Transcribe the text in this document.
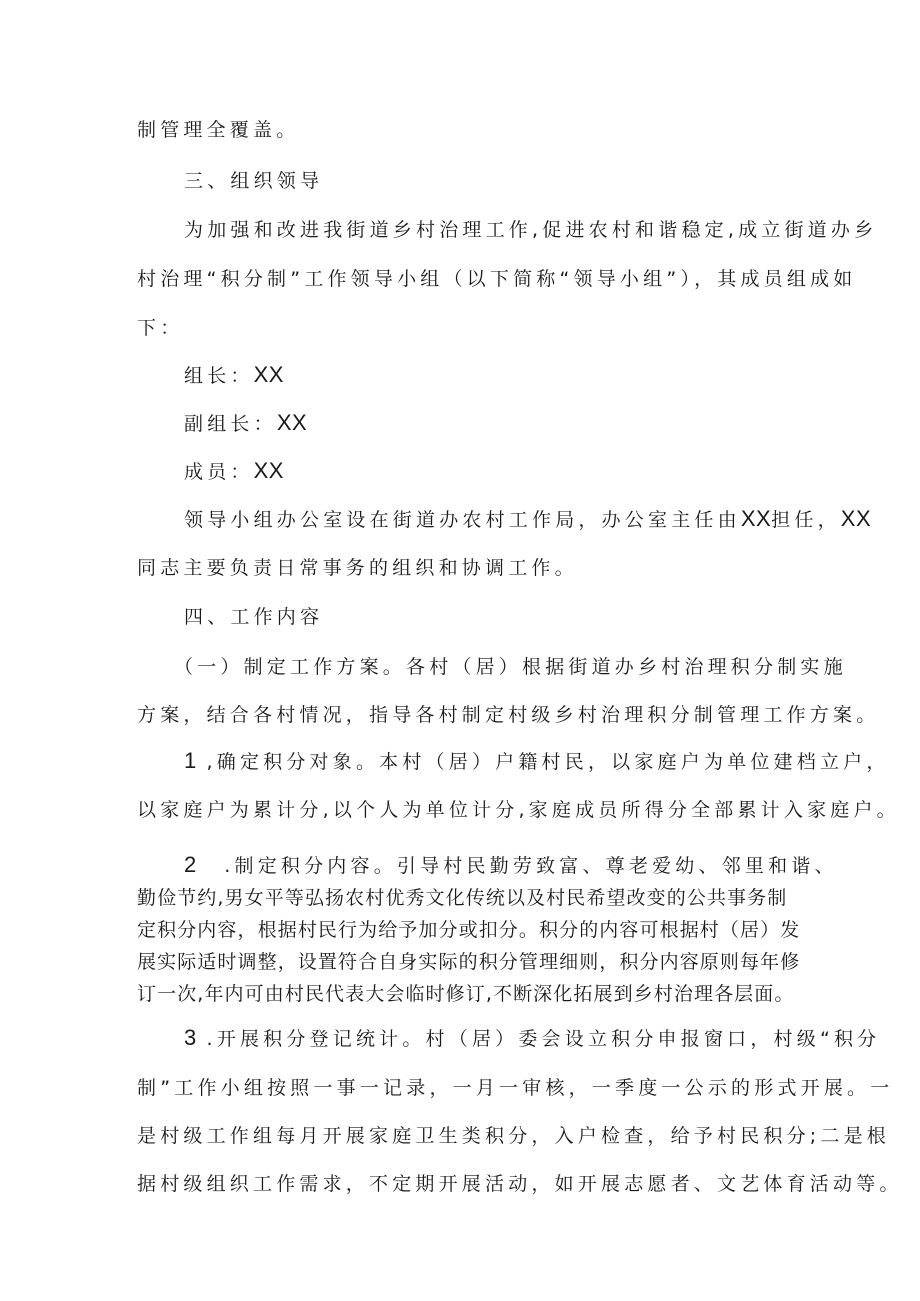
制管理全覆盖。
三、组织领导
为加强和改进我街道乡村治理工作,促进农村和谐稳定,成立街道办乡
村治理“积分制”工作领导小组（以下简称“领导小组”），其成员组成如
下：
组长：XX
副组长：XX
成员：XX
领导小组办公室设在街道办农村工作局，办公室主任由XX担任，XX
同志主要负责日常事务的组织和协调工作。
四、工作内容
（一）制定工作方案。各村（居）根据街道办乡村治理积分制实施
方案，结合各村情况，指导各村制定村级乡村治理积分制管理工作方案。
1 ,确定积分对象。本村（居）户籍村民，以家庭户为单位建档立户，
以家庭户为累计分,以个人为单位计分,家庭成员所得分全部累计入家庭户。
2 .制定积分内容。引导村民勤劳致富、尊老爱幼、邻里和谐、
勤俭节约,男女平等弘扬农村优秀文化传统以及村民希望改变的公共事务制
定积分内容，根据村民行为给予加分或扣分。积分的内容可根据村（居）发
展实际适时调整，设置符合自身实际的积分管理细则，积分内容原则每年修
订一次,年内可由村民代表大会临时修订,不断深化拓展到乡村治理各层面。
3 .开展积分登记统计。村（居）委会设立积分申报窗口，村级“积分
制”工作小组按照一事一记录，一月一审核，一季度一公示的形式开展。一
是村级工作组每月开展家庭卫生类积分，入户检查，给予村民积分;二是根
据村级组织工作需求，不定期开展活动，如开展志愿者、文艺体育活动等。
